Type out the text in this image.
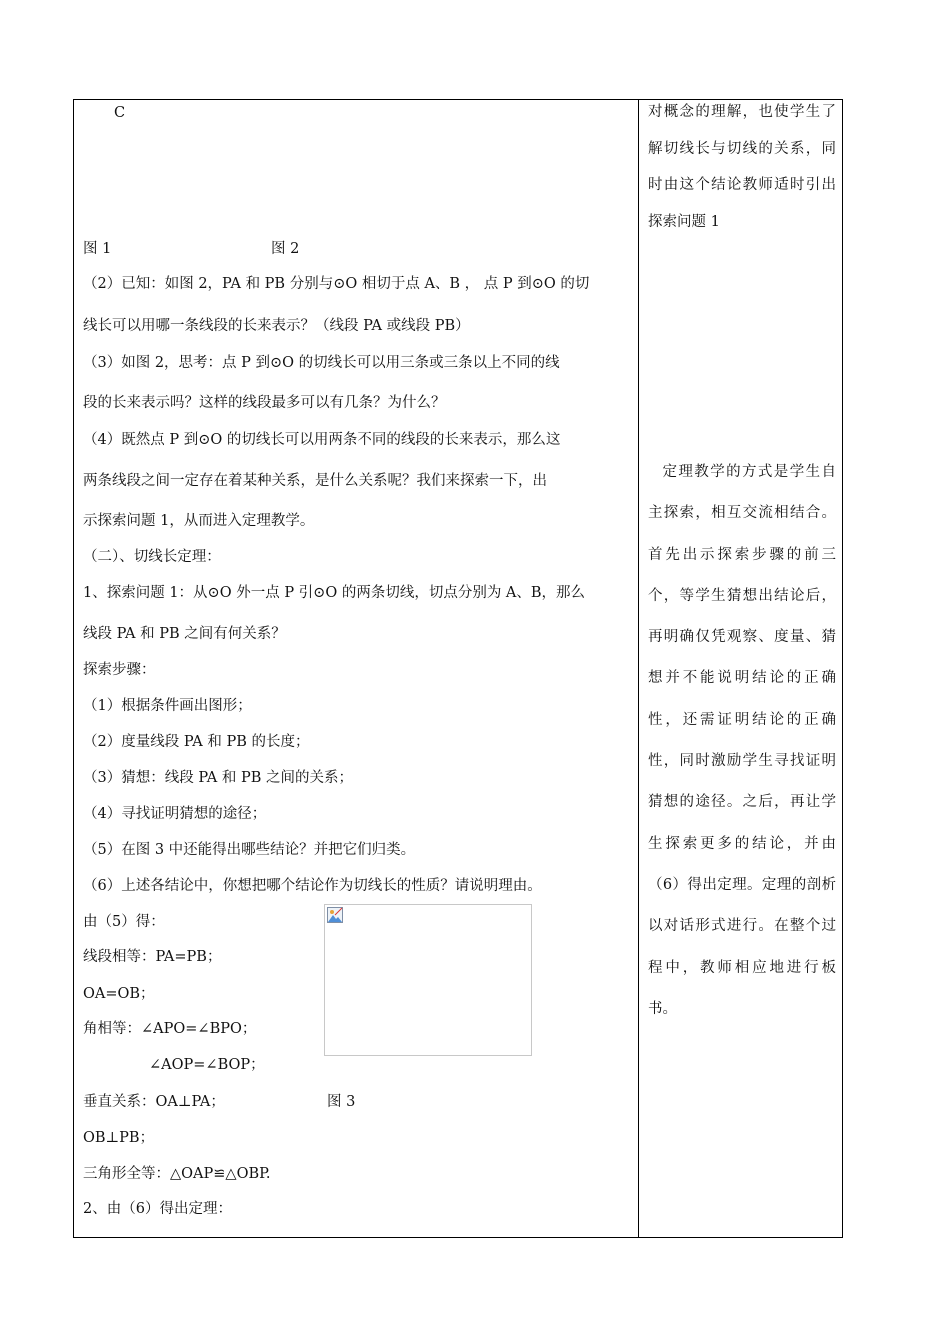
C
图 1	图 2
（2）已知：如图 2，PA 和 PB 分别与⊙O 相切于点 A、B ， 点 P 到⊙O 的切
线长可以用哪一条线段的长来表示？（线段 PA 或线段 PB）
（3）如图 2，思考：点 P 到⊙O 的切线长可以用三条或三条以上不同的线
段的长来表示吗？这样的线段最多可以有几条？为什么？
（4）既然点 P 到⊙O 的切线长可以用两条不同的线段的长来表示，那么这
两条线段之间一定存在着某种关系，是什么关系呢？我们来探索一下，出
示探索问题 1，从而进入定理教学。
（二）、切线长定理：
1、探索问题 1：从⊙O 外一点 P 引⊙O 的两条切线，切点分别为 A、B，那么
线段 PA 和 PB 之间有何关系？
探索步骤：
（1）根据条件画出图形；
（2）度量线段 PA 和 PB 的长度；
（3）猜想：线段 PA 和 PB 之间的关系；
（4）寻找证明猜想的途径；
（5）在图 3 中还能得出哪些结论？并把它们归类。
（6）上述各结论中，你想把哪个结论作为切线长的性质？请说明理由。
由（5）得：
线段相等：PA=PB；
OA=OB；
角相等：∠APO=∠BPO；
∠AOP=∠BOP；
垂直关系：OA⊥PA；	图 3
OB⊥PB；
三角形全等：△OAP≌△OBP.
2、由（6）得出定理：

对概念的理解，也使学生了解切线长与切线的关系，同时由这个结论教师适时引出探索问题 1

定理教学的方式是学生自主探索，相互交流相结合。首先出示探索步骤的前三个，等学生猜想出结论后，再明确仅凭观察、度量、猜想并不能说明结论的正确性，还需证明结论的正确性，同时激励学生寻找证明猜想的途径。之后，再让学生探索更多的结论，并由（6）得出定理。定理的剖析以对话形式进行。在整个过程中，教师相应地进行板书。
